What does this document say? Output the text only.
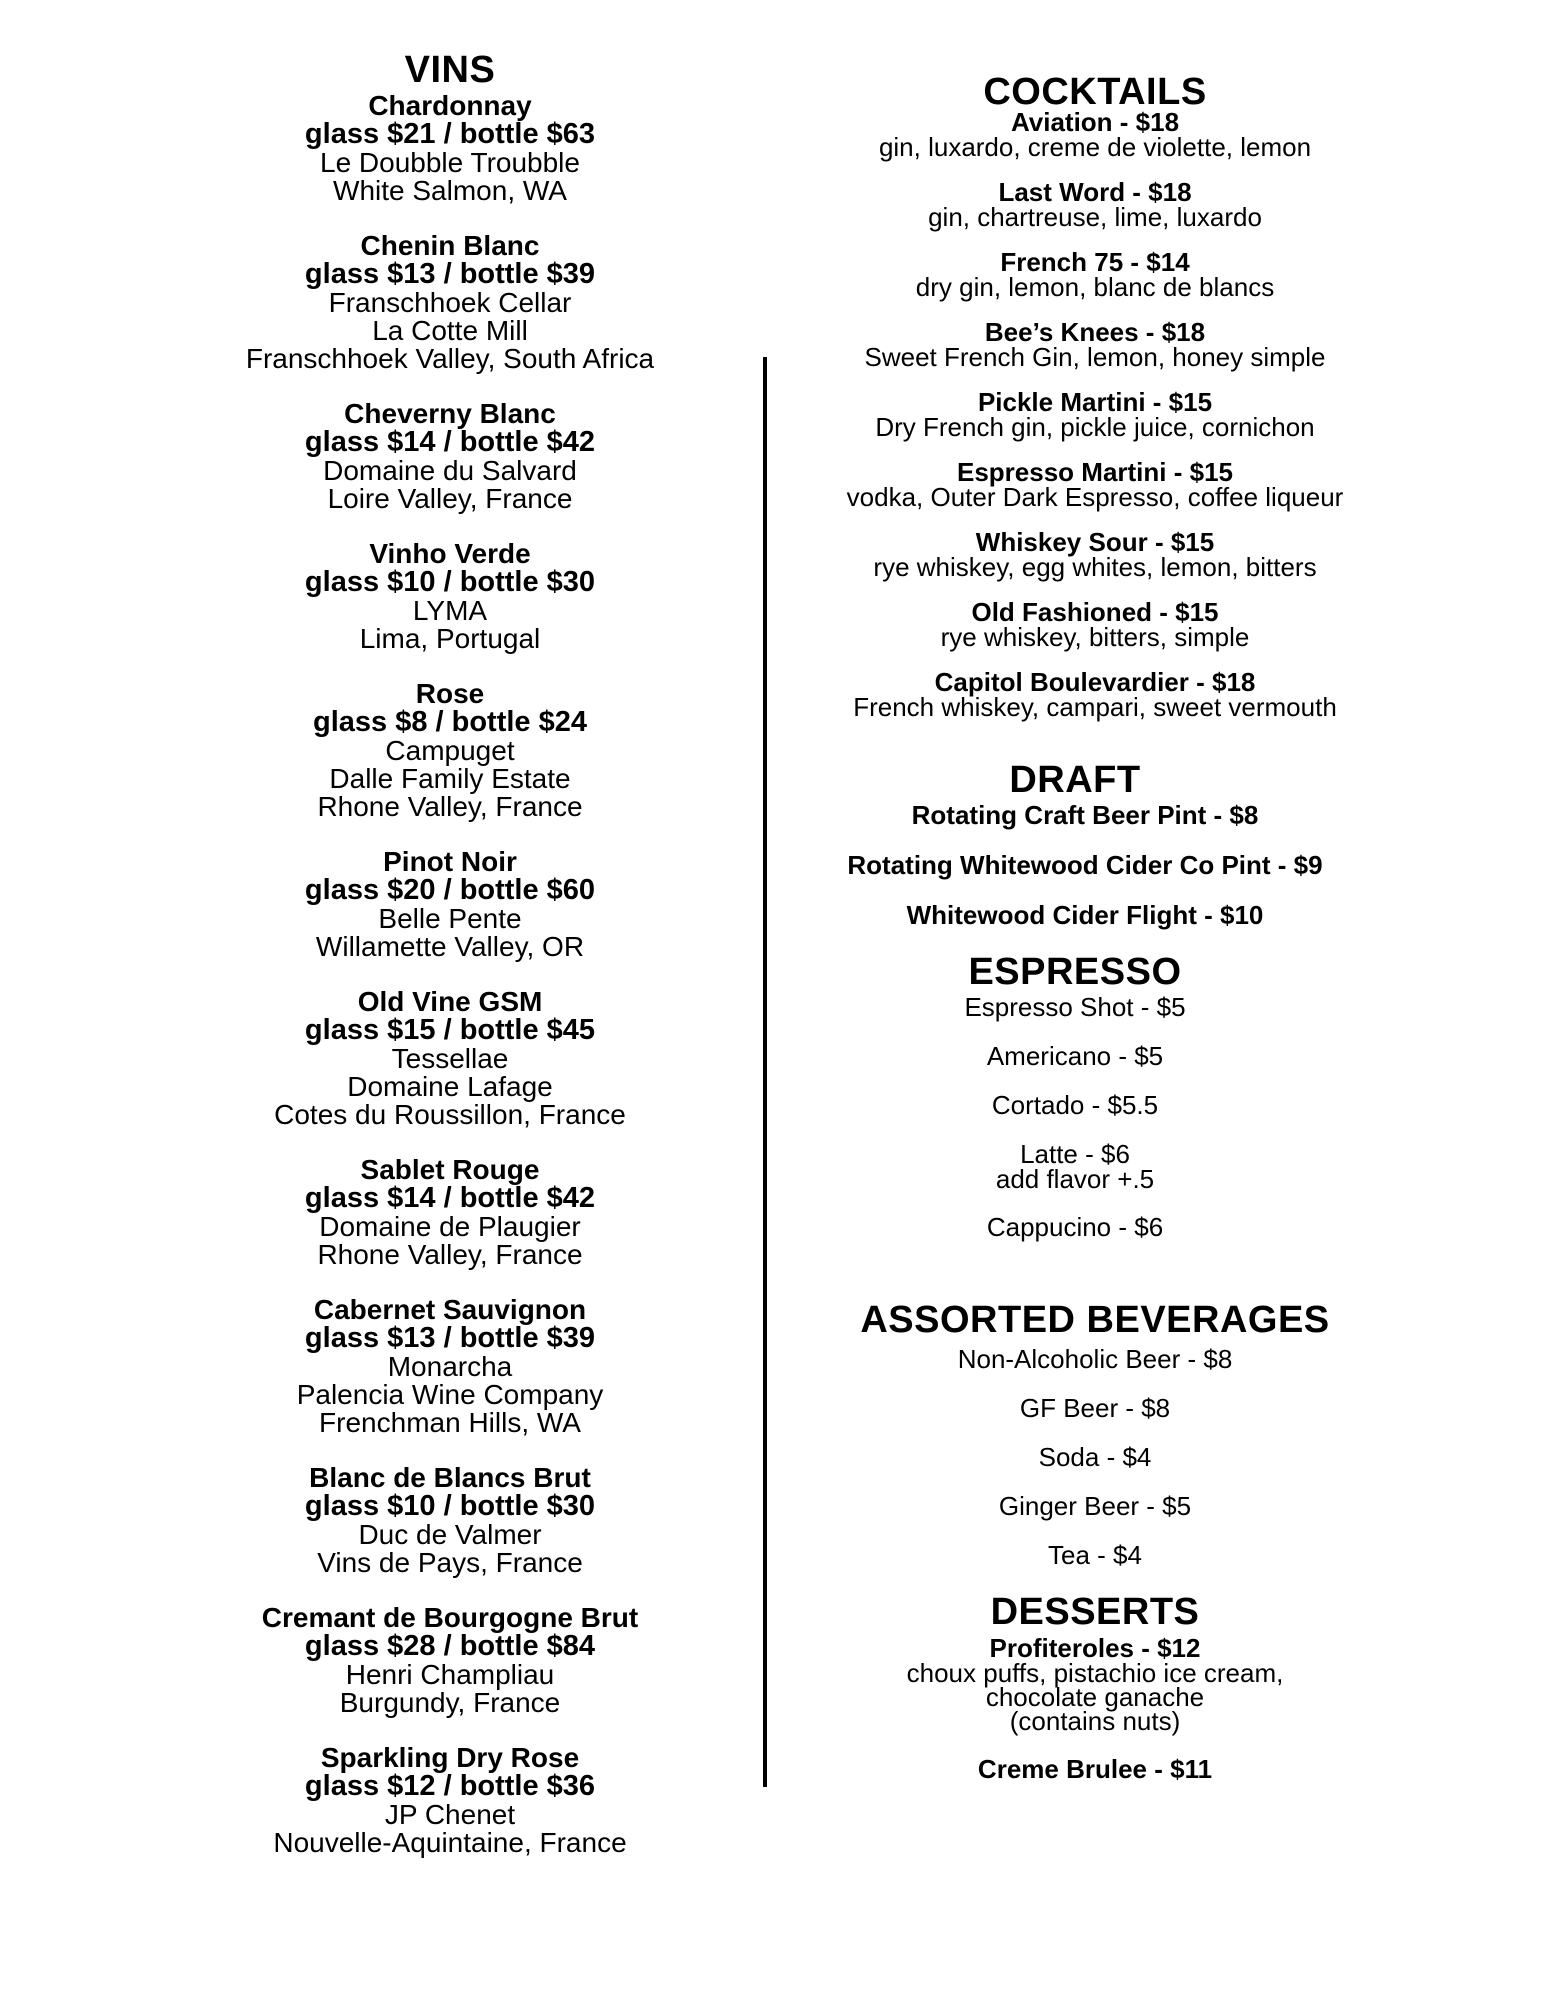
VINS
Chardonnay
glass $21 / bottle $63
Le Doubble Troubble
White Salmon, WA
Chenin Blanc
glass $13 / bottle $39
Franschhoek Cellar
La Cotte Mill
Franschhoek Valley, South Africa
Cheverny Blanc
glass $14 / bottle $42
Domaine du Salvard
Loire Valley, France
Vinho Verde
glass $10 / bottle $30
LYMA
Lima, Portugal
Rose
glass $8 / bottle $24
Campuget
Dalle Family Estate
Rhone Valley, France
Pinot Noir
glass $20 / bottle $60
Belle Pente
Willamette Valley, OR
Old Vine GSM
glass $15 / bottle $45
Tessellae
Domaine Lafage
Cotes du Roussillon, France
Sablet Rouge
glass $14 / bottle $42
Domaine de Plaugier
Rhone Valley, France
Cabernet Sauvignon
glass $13 / bottle $39
Monarcha
Palencia Wine Company
Frenchman Hills, WA
Blanc de Blancs Brut
glass $10 / bottle $30
Duc de Valmer
Vins de Pays, France
Cremant de Bourgogne Brut
glass $28 / bottle $84
Henri Champliau
Burgundy, France
Sparkling Dry Rose
glass $12 / bottle $36
JP Chenet
Nouvelle-Aquintaine, France
COCKTAILS
Aviation - $18
gin, luxardo, creme de violette, lemon
Last Word - $18
gin, chartreuse, lime, luxardo
French 75 - $14
dry gin, lemon, blanc de blancs
Bee’s Knees - $18
Sweet French Gin, lemon, honey simple
Pickle Martini - $15
Dry French gin, pickle juice, cornichon
Espresso Martini - $15
vodka, Outer Dark Espresso, coffee liqueur
Whiskey Sour - $15
rye whiskey, egg whites, lemon, bitters
Old Fashioned - $15
rye whiskey, bitters, simple
Capitol Boulevardier - $18
French whiskey, campari, sweet vermouth
DRAFT
Rotating Craft Beer Pint - $8
Rotating Whitewood Cider Co Pint - $9
Whitewood Cider Flight - $10
ESPRESSO
Espresso Shot - $5
Americano - $5
Cortado - $5.5
Latte - $6
add flavor +.5
Cappucino - $6
ASSORTED BEVERAGES
Non-Alcoholic Beer - $8
GF Beer - $8
Soda - $4
Ginger Beer - $5
Tea - $4
DESSERTS
Profiteroles - $12
choux puffs, pistachio ice cream,
chocolate ganache
(contains nuts)
Creme Brulee - $11
